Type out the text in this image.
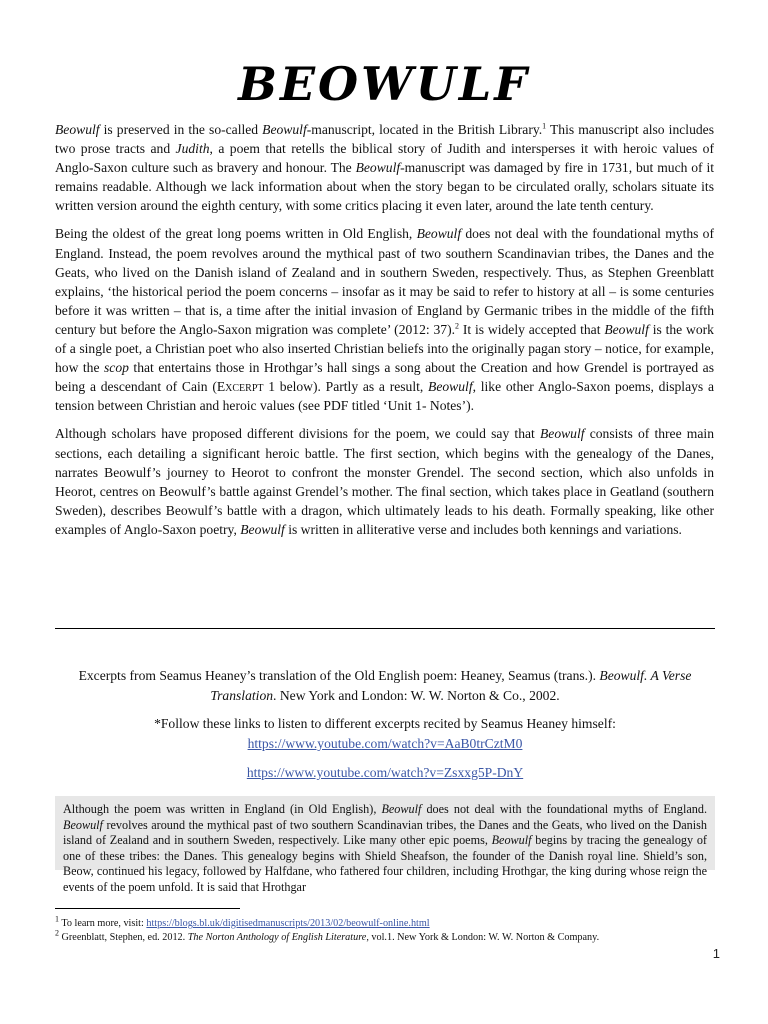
BEOWULF

Beowulf is preserved in the so-called Beowulf-manuscript, located in the British Library.$^1$ This manuscript also includes two prose tracts and Judith, a poem that retells the biblical story of Judith and intersperses it with heroic values of Anglo-Saxon culture such as bravery and honour. The Beowulf-manuscript was damaged by fire in 1731, but much of it remains readable. Although we lack information about when the story began to be circulated orally, scholars situate its written version around the eighth century, with some critics placing it even later, around the late tenth century.

Being the oldest of the great long poems written in Old English, Beowulf does not deal with the foundational myths of England. Instead, the poem revolves around the mythical past of two southern Scandinavian tribes, the Danes and the Geats, who lived on the Danish island of Zealand and in southern Sweden, respectively. Thus, as Stephen Greenblatt explains, ‘the historical period the poem concerns – insofar as it may be said to refer to history at all – is some centuries before it was written – that is, a time after the initial invasion of England by Germanic tribes in the middle of the fifth century but before the Anglo-Saxon migration was complete’ (2012: 37).$^2$ It is widely accepted that Beowulf is the work of a single poet, a Christian poet who also inserted Christian beliefs into the originally pagan story – notice, for example, how the scop that entertains those in Hrothgar’s hall sings a song about the Creation and how Grendel is portrayed as being a descendant of Cain (Excerpt 1 below). Partly as a result, Beowulf, like other Anglo-Saxon poems, displays a tension between Christian and heroic values (see PDF titled ‘Unit 1- Notes’).

Although scholars have proposed different divisions for the poem, we could say that Beowulf consists of three main sections, each detailing a significant heroic battle. The first section, which begins with the genealogy of the Danes, narrates Beowulf’s journey to Heorot to confront the monster Grendel. The second section, which also unfolds in Heorot, centres on Beowulf’s battle against Grendel’s mother. The final section, which takes place in Geatland (southern Sweden), describes Beowulf’s battle with a dragon, which ultimately leads to his death. Formally speaking, like other examples of Anglo-Saxon poetry, Beowulf is written in alliterative verse and includes both kennings and variations.

Excerpts from Seamus Heaney’s translation of the Old English poem: Heaney, Seamus (trans.). Beowulf. A Verse Translation. New York and London: W. W. Norton & Co., 2002.

*Follow these links to listen to different excerpts recited by Seamus Heaney himself:

https://www.youtube.com/watch?v=AaB0trCztM0

https://www.youtube.com/watch?v=Zsxxg5P-DnY

Although the poem was written in England (in Old English), Beowulf does not deal with the foundational myths of England. Beowulf revolves around the mythical past of two southern Scandinavian tribes, the Danes and the Geats, who lived on the Danish island of Zealand and in southern Sweden, respectively. Like many other epic poems, Beowulf begins by tracing the genealogy of one of these tribes: the Danes. This genealogy begins with Shield Sheafson, the founder of the Danish royal line. Shield’s son, Beow, continued his legacy, followed by Halfdane, who fathered four children, including Hrothgar, the king during whose reign the events of the poem unfold. It is said that Hrothgar

$^1$ To learn more, visit: https://blogs.bl.uk/digitisedmanuscripts/2013/02/beowulf-online.html
$^2$ Greenblatt, Stephen, ed. 2012. The Norton Anthology of English Literature, vol.1. New York & London: W. W. Norton & Company.
1
